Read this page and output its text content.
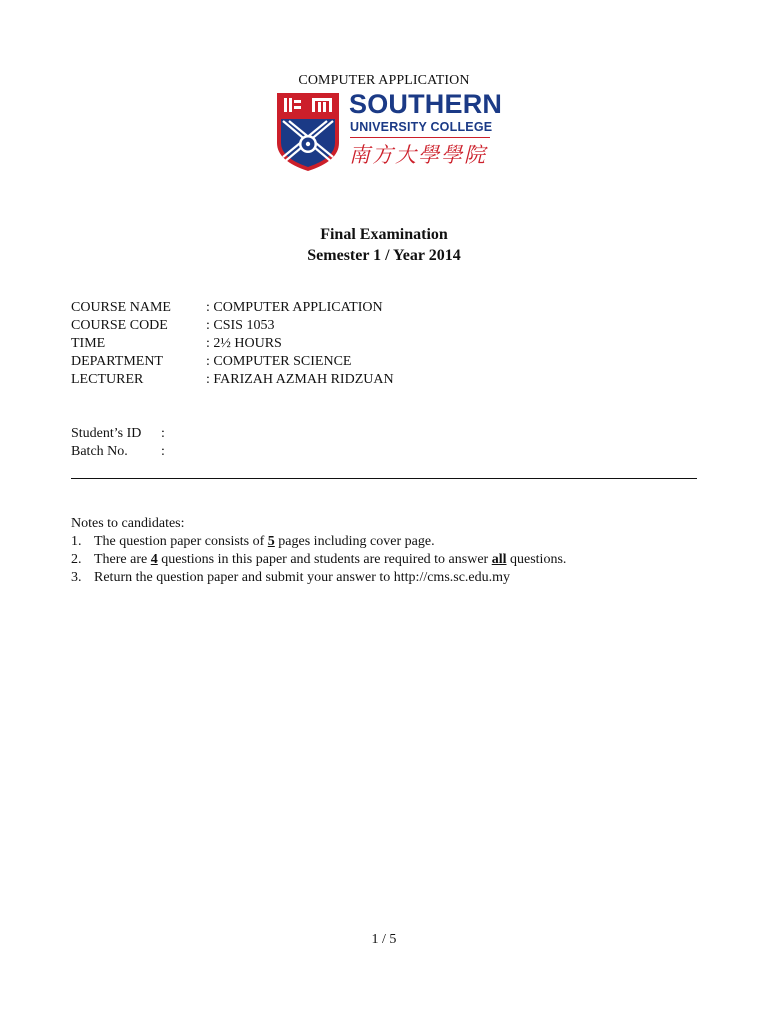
COMPUTER APPLICATION
SOUTHERN
UNIVERSITY COLLEGE
南方大學學院
Final Examination
Semester 1 / Year 2014
COURSE NAME	: COMPUTER APPLICATION
COURSE CODE	: CSIS 1053
TIME	: 2½ HOURS
DEPARTMENT	: COMPUTER SCIENCE
LECTURER	: FARIZAH AZMAH RIDZUAN
Student’s ID :
Batch No. :
Notes to candidates:
1. The question paper consists of 5 pages including cover page.
2. There are 4 questions in this paper and students are required to answer all questions.
3. Return the question paper and submit your answer to http://cms.sc.edu.my
1 / 5
